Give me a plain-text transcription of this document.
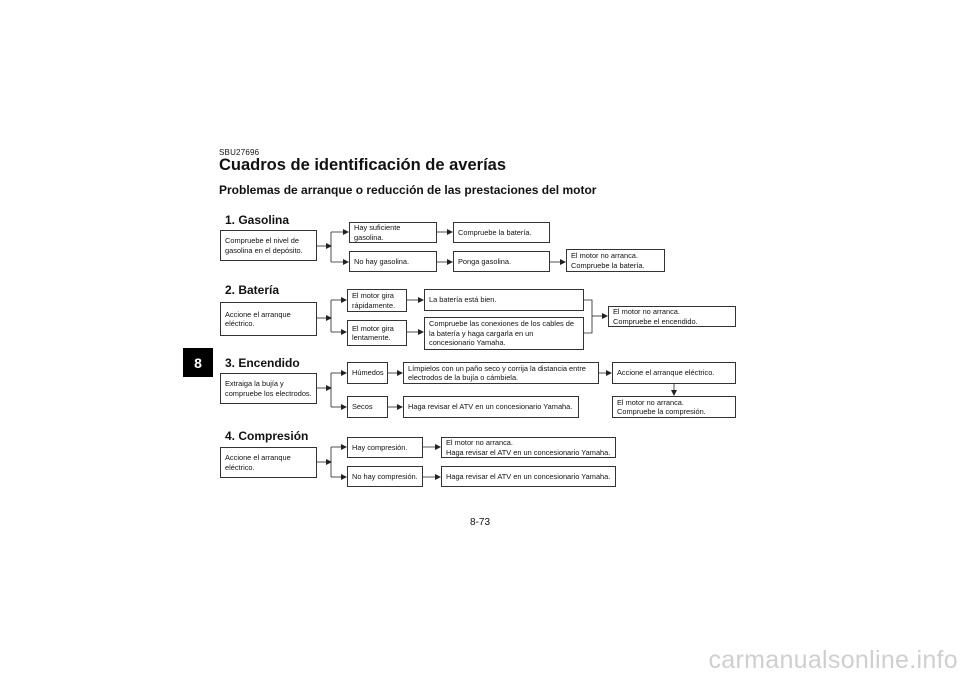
SBU27696
Cuadros de identificación de averías
Problemas de arranque o reducción de las prestaciones del motor
1. Gasolina
Compruebe el nivel de
gasolina en el depósito.
Hay suficiente gasolina.
No hay gasolina.
Compruebe la batería.
Ponga gasolina.
El motor no arranca.
Compruebe la batería.
2. Batería
Accione el arranque
eléctrico.
El motor gira
rápidamente.
El motor gira
lentamente.
La batería está bien.
Compruebe las conexiones de los cables de
la batería y haga cargarla en un
concesionario Yamaha.
El motor no arranca.
Compruebe el encendido.
3. Encendido
Extraiga la bujía y
compruebe los electrodos.
Húmedos
Secos
Límpielos con un paño seco y corrija la distancia entre
electrodos de la bujía o cámbiela.
Haga revisar el ATV en un concesionario Yamaha.
Accione el arranque eléctrico.
El motor no arranca.
Compruebe la compresión.
4. Compresión
Accione el arranque
eléctrico.
Hay compresión.
No hay compresión.
El motor no arranca.
Haga revisar el ATV en un concesionario Yamaha.
Haga revisar el ATV en un concesionario Yamaha.
8
8-73
carmanualsonline.info
